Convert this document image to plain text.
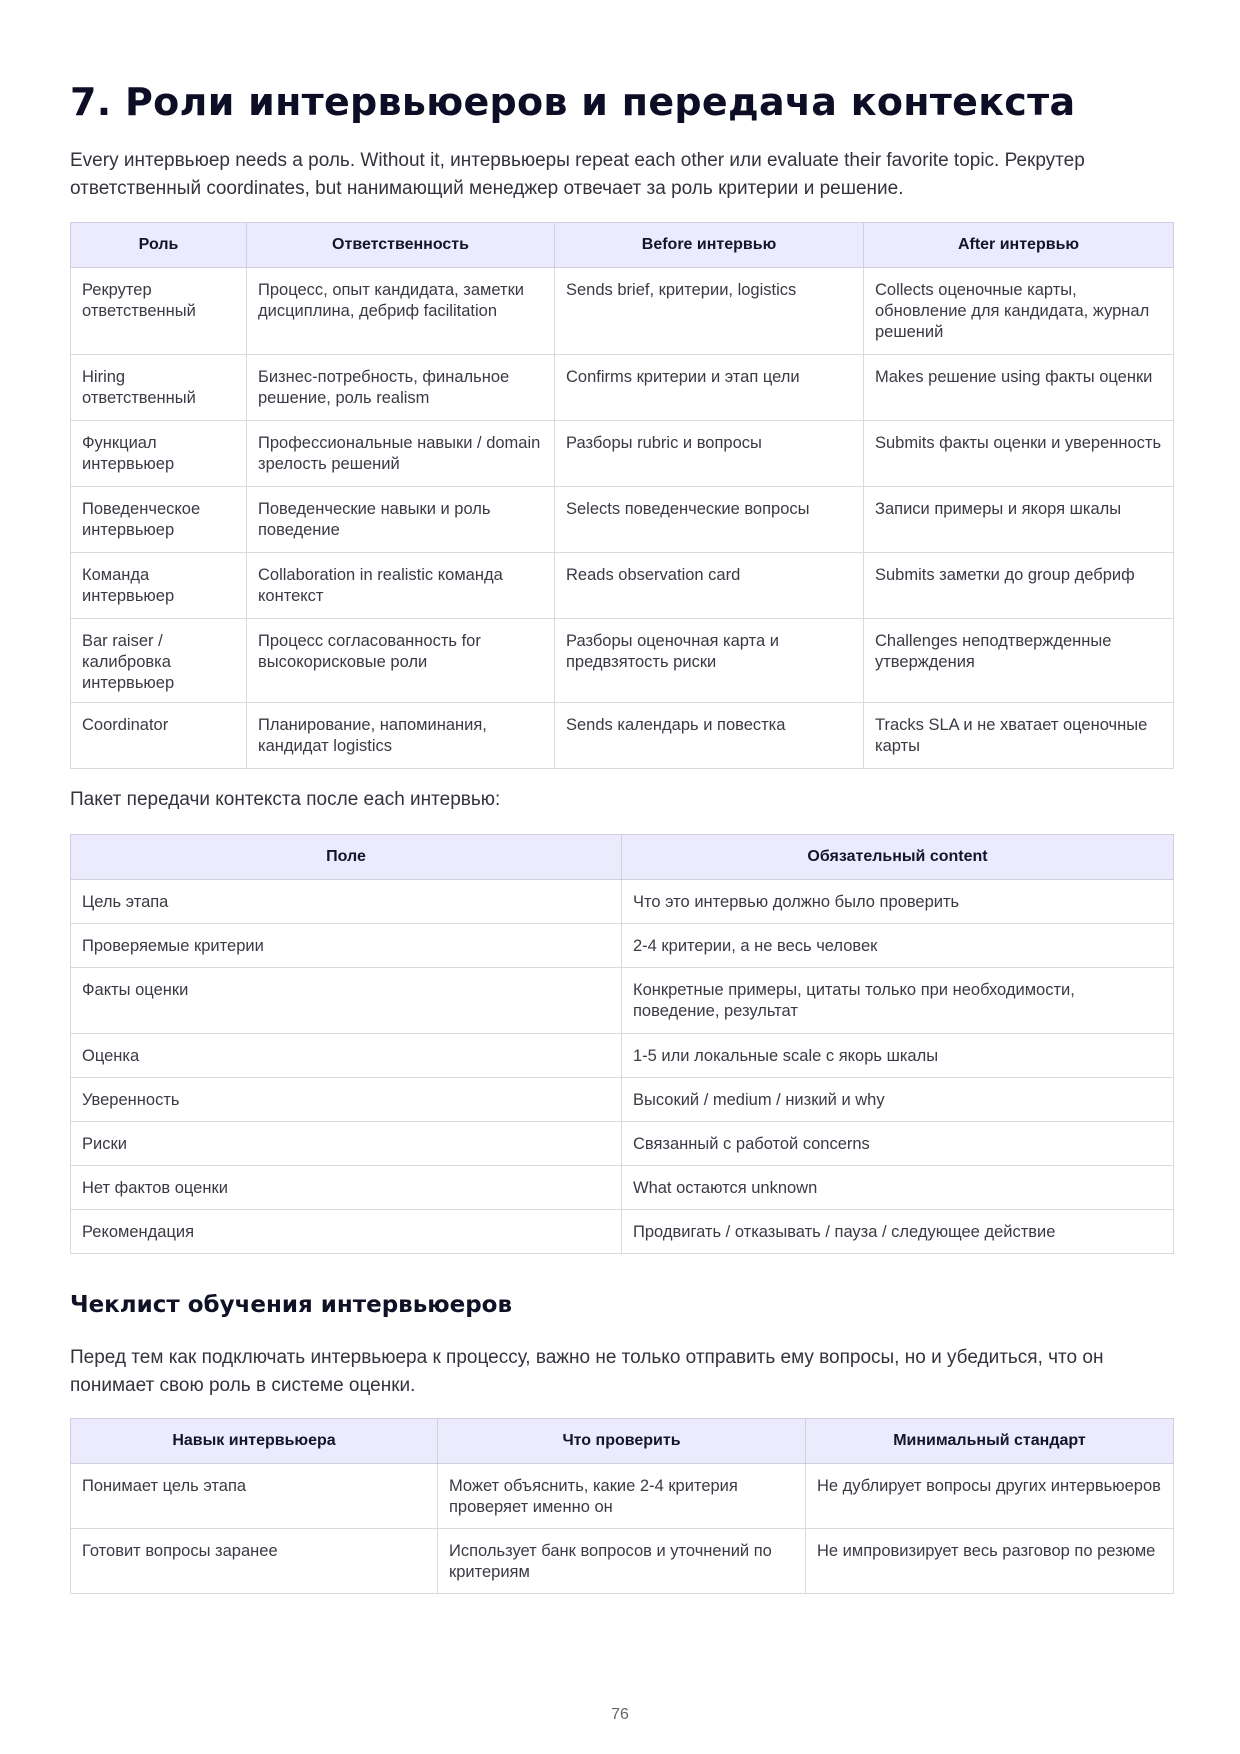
7. Роли интервьюеров и передача контекста

Every интервьюер needs a роль. Without it, интервьюеры repeat each other или evaluate their favorite topic. Рекрутер ответственный coordinates, but нанимающий менеджер отвечает за роль критерии и решение.

Роль	Ответственность	Before интервью	After интервью
Рекрутер ответственный	Процесс, опыт кандидата, заметки дисциплина, дебриф facilitation	Sends brief, критерии, logistics	Collects оценочные карты, обновление для кандидата, журнал решений
Hiring ответственный	Бизнес-потребность, финальное решение, роль realism	Confirms критерии и этап цели	Makes решение using факты оценки
Функциал интервьюер	Профессиональные навыки / domain зрелость решений	Разборы rubric и вопросы	Submits факты оценки и уверенность
Поведенческое интервьюер	Поведенческие навыки и роль поведение	Selects поведенческие вопросы	Записи примеры и якоря шкалы
Команда интервьюер	Collaboration in realistic команда контекст	Reads observation card	Submits заметки до group дебриф
Bar raiser / калибровка интервьюер	Процесс согласованность for высокорисковые роли	Разборы оценочная карта и предвзятость риски	Challenges неподтвержденные утверждения
Coordinator	Планирование, напоминания, кандидат logistics	Sends календарь и повестка	Tracks SLA и не хватает оценочные карты

Пакет передачи контекста после each интервью:

Поле	Обязательный content
Цель этапа	Что это интервью должно было проверить
Проверяемые критерии	2-4 критерии, а не весь человек
Факты оценки	Конкретные примеры, цитаты только при необходимости, поведение, результат
Оценка	1-5 или локальные scale с якорь шкалы
Уверенность	Высокий / medium / низкий и why
Риски	Связанный с работой concerns
Нет фактов оценки	What остаются unknown
Рекомендация	Продвигать / отказывать / пауза / следующее действие
Чеклист обучения интервьюеров

Перед тем как подключать интервьюера к процессу, важно не только отправить ему вопросы, но и убедиться, что он понимает свою роль в системе оценки.

Навык интервьюера	Что проверить	Минимальный стандарт
Понимает цель этапа	Может объяснить, какие 2-4 критерия проверяет именно он	Не дублирует вопросы других интервьюеров
Готовит вопросы заранее	Использует банк вопросов и уточнений по критериям	Не импровизирует весь разговор по резюме
76
